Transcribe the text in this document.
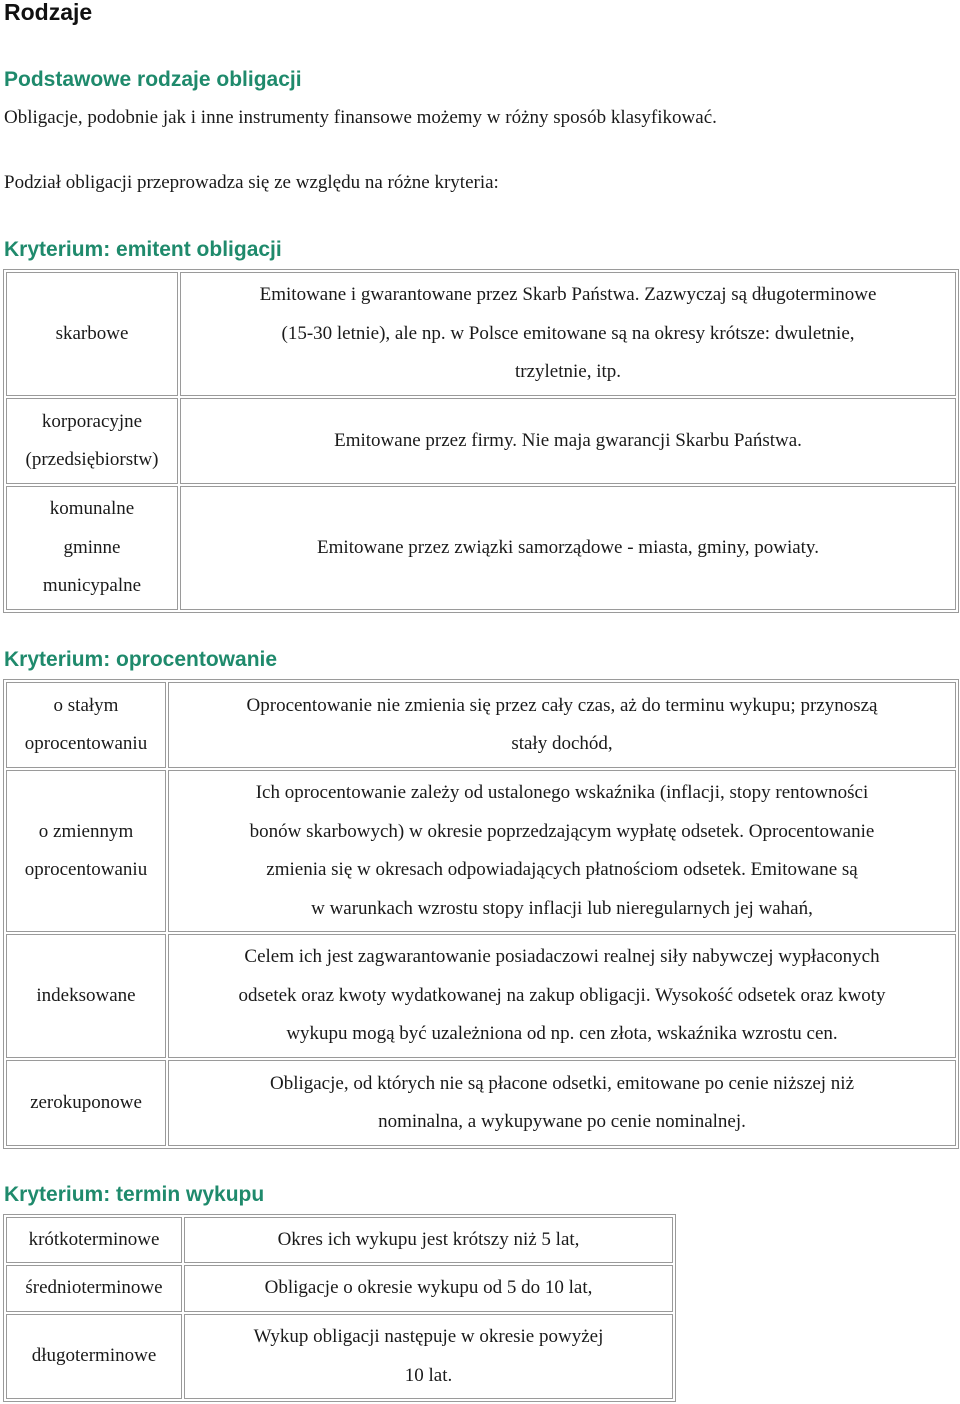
Rodzaje
Podstawowe rodzaje obligacji

Obligacje, podobnie jak i inne instrumenty finansowe możemy w różny sposób klasyfikować.

Podział obligacji przeprowadza się ze względu na różne kryteria:

Kryterium: emitent obligacji
skarbowe	Emitowane i gwarantowane przez Skarb Państwa. Zazwyczaj są długoterminowe
(15-30 letnie), ale np. w Polsce emitowane są na okresy krótsze: dwuletnie,
trzyletnie, itp.

korporacyjne
(przedsiębiorstw)	Emitowane przez firmy. Nie maja gwarancji Skarbu Państwa.

komunalne
gminne
municypalne	Emitowane przez związki samorządowe - miasta, gminy, powiaty.
Kryterium: oprocentowanie
o stałym
oprocentowaniu	Oprocentowanie nie zmienia się przez cały czas, aż do terminu wykupu; przynoszą
stały dochód,

o zmiennym
oprocentowaniu	Ich oprocentowanie zależy od ustalonego wskaźnika (inflacji, stopy rentowności
bonów skarbowych) w okresie poprzedzającym wypłatę odsetek. Oprocentowanie
zmienia się w okresach odpowiadających płatnościom odsetek. Emitowane są
w warunkach wzrostu stopy inflacji lub nieregularnych jej wahań,

indeksowane	Celem ich jest zagwarantowanie posiadaczowi realnej siły nabywczej wypłaconych
odsetek oraz kwoty wydatkowanej na zakup obligacji. Wysokość odsetek oraz kwoty
wykupu mogą być uzależniona od np. cen złota, wskaźnika wzrostu cen.

zerokuponowe	Obligacje, od których nie są płacone odsetki, emitowane po cenie niższej niż
nominalna, a wykupywane po cenie nominalnej.
Kryterium: termin wykupu
krótkoterminowe	Okres ich wykupu jest krótszy niż 5 lat,

średnioterminowe	Obligacje o okresie wykupu od 5 do 10 lat,

długoterminowe	Wykup obligacji następuje w okresie powyżej
10 lat.
